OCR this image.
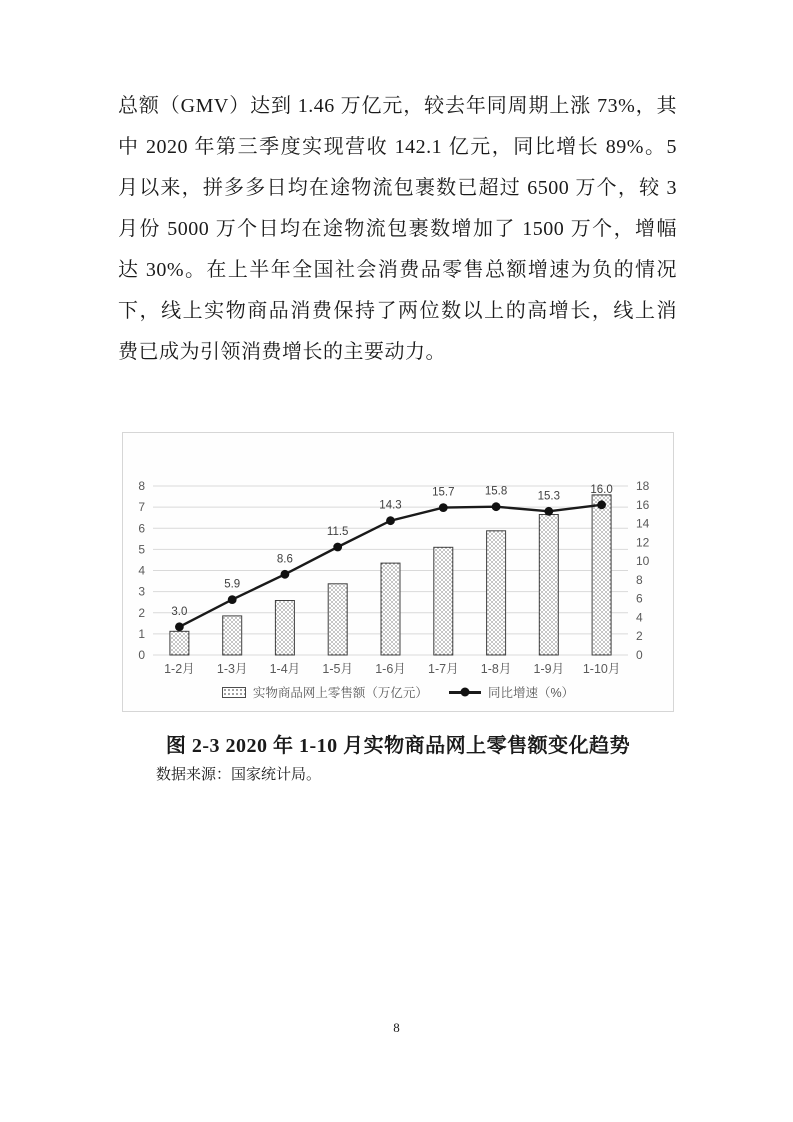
总额（GMV）达到 1.46 万亿元，较去年同周期上涨 73%，其
中 2020 年第三季度实现营收 142.1 亿元，同比增长 89%。5
月以来，拼多多日均在途物流包裹数已超过 6500 万个，较 3
月份 5000 万个日均在途物流包裹数增加了 1500 万个，增幅
达 30%。在上半年全国社会消费品零售总额增速为负的情况
下，线上实物商品消费保持了两位数以上的高增长，线上消
费已成为引领消费增长的主要动力。
0
1
2
3
4
5
6
7
8
0
2
4
6
8
10
12
14
16
18
1-2月 1-3月 1-4月 1-5月 1-6月 1-7月 1-8月 1-9月 1-10月
3.0
5.9
8.6
11.5
14.3
15.7	15.8	15.3
16.0
实物商品网上零售额（万亿元）	同比增速（%）
图 2-3 2020 年 1-10 月实物商品网上零售额变化趋势
数据来源：国家统计局。
8
